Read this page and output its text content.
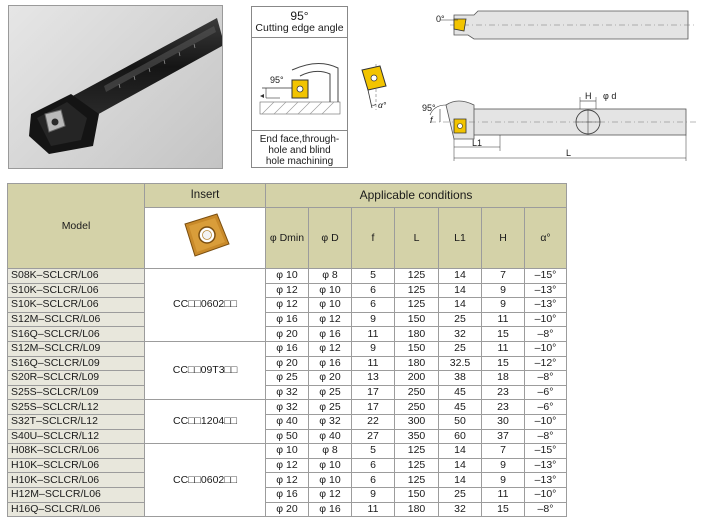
95°
Cutting edge angle
95°
End face,through-
hole and blind
hole machining
α°
0°
95°
f
H φ d
L1
L
Model	Insert	Applicable conditions						

		φ Dmin	φ D	f	L	L1	H	α°
S08K–SCLCR/L06	CC□□0602□□	φ 10	φ 8	5	125	14	7	–15°
S10K–SCLCR/L06		φ 12	φ 10	6	125	14	9	–13°
S10K–SCLCR/L06		φ 12	φ 10	6	125	14	9	–13°
S12M–SCLCR/L06		φ 16	φ 12	9	150	25	11	–10°
S16Q–SCLCR/L06		φ 20	φ 16	11	180	32	15	–8°
S12M–SCLCR/L09	CC□□09T3□□	φ 16	φ 12	9	150	25	11	–10°
S16Q–SCLCR/L09		φ 20	φ 16	11	180	32.5	15	–12°
S20R–SCLCR/L09		φ 25	φ 20	13	200	38	18	–8°
S25S–SCLCR/L09		φ 32	φ 25	17	250	45	23	–6°
S25S–SCLCR/L12	CC□□1204□□	φ 32	φ 25	17	250	45	23	–6°
S32T–SCLCR/L12		φ 40	φ 32	22	300	50	30	–10°
S40U–SCLCR/L12		φ 50	φ 40	27	350	60	37	–8°
H08K–SCLCR/L06	CC□□0602□□	φ 10	φ 8	5	125	14	7	–15°
H10K–SCLCR/L06		φ 12	φ 10	6	125	14	9	–13°
H10K–SCLCR/L06		φ 12	φ 10	6	125	14	9	–13°
H12M–SCLCR/L06		φ 16	φ 12	9	150	25	11	–10°
H16Q–SCLCR/L06		φ 20	φ 16	11	180	32	15	–8°
